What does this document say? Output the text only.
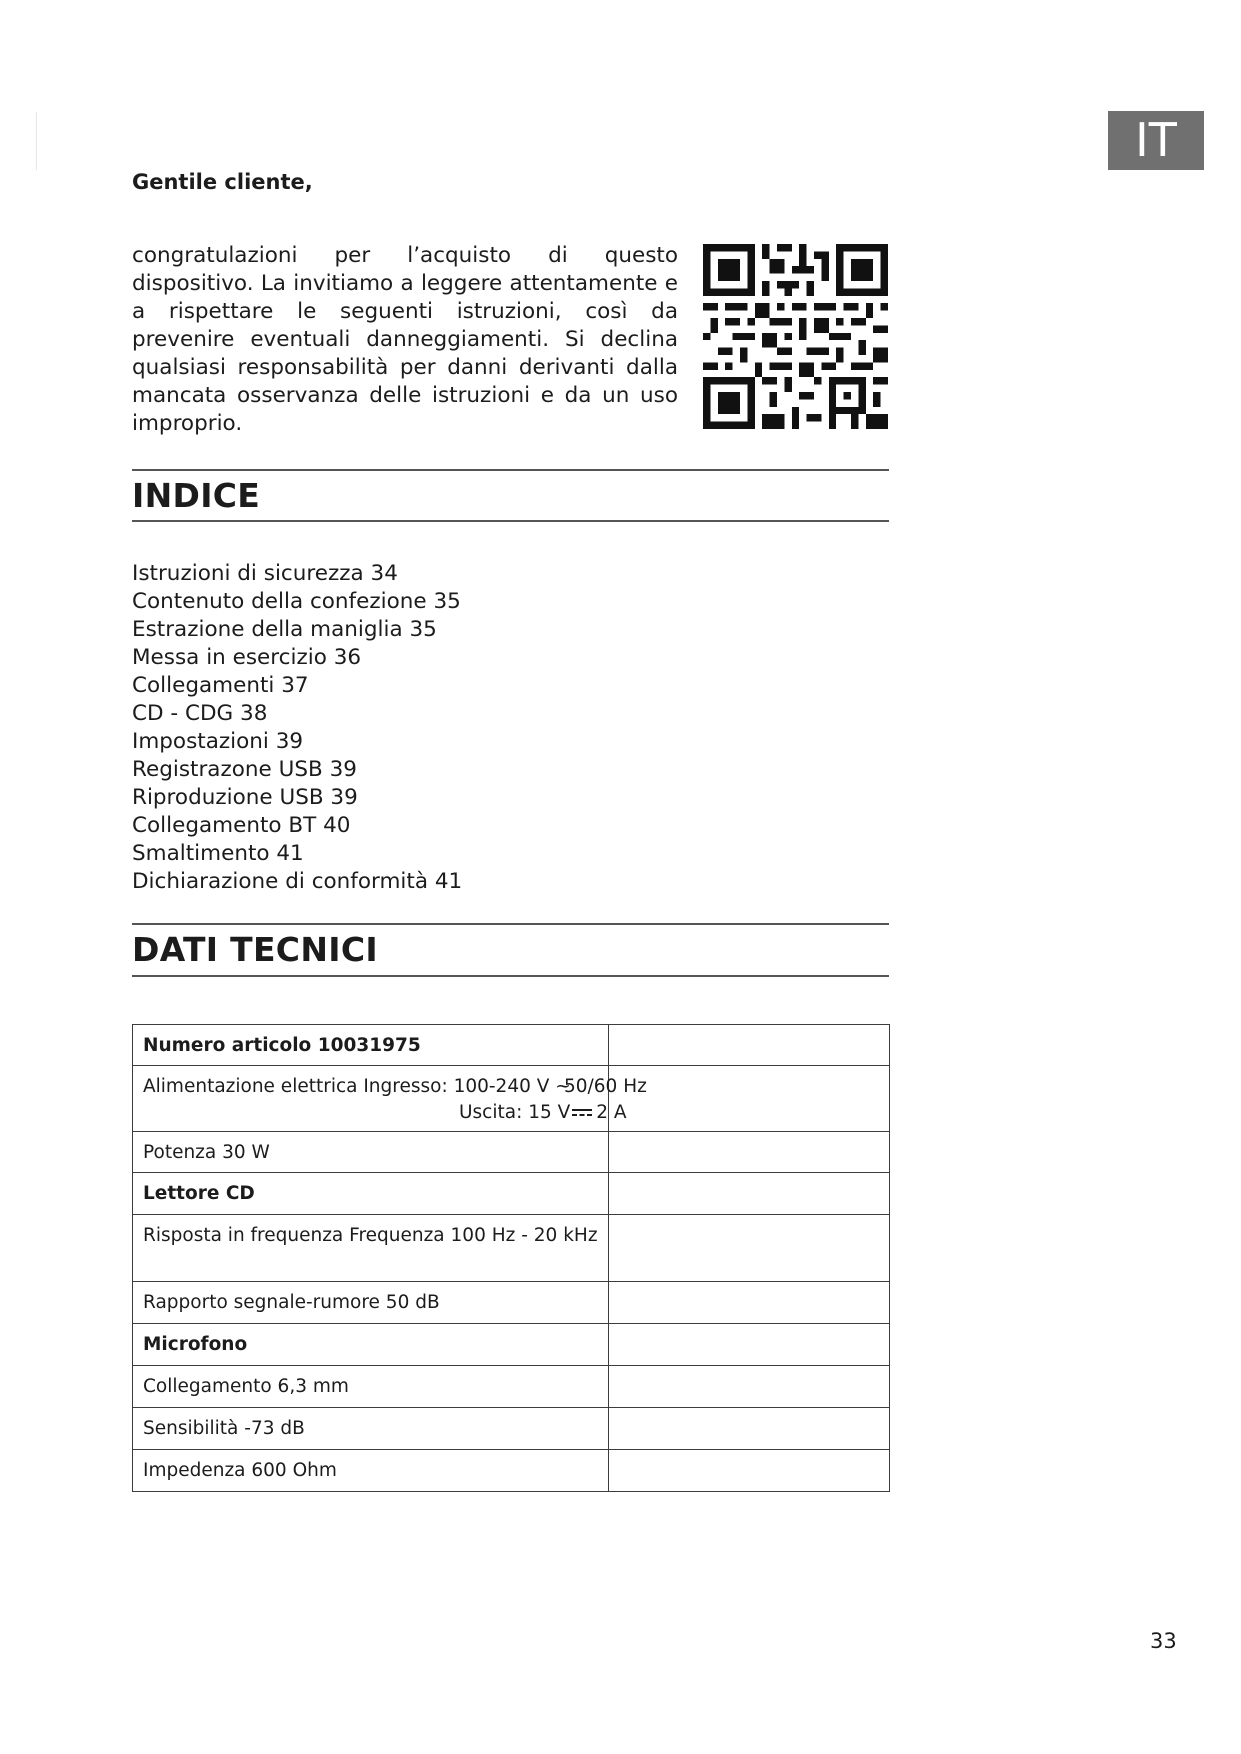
IT

Gentile cliente,

congratulazioni per l’acquisto di questo dispositivo. La invitiamo a leggere attentamente e a rispettare le seguenti istruzioni, così da prevenire eventuali danneggiamenti. Si declina qualsiasi responsabilità per danni derivanti dalla mancata osservanza delle istruzioni e da un uso improprio.

INDICE
Istruzioni di sicurezza 34
Contenuto della confezione 35
Estrazione della maniglia 35
Messa in esercizio 36
Collegamenti 37
CD - CDG 38
Impostazioni 39
Registrazone USB 39
Riproduzione USB 39
Collegamento BT 40
Smaltimento 41
Dichiarazione di conformità 41
DATI TECNICI
Numero articolo 10031975	

Alimentazione elettrica Ingresso: 100-240 V ~
50/60 Hz
Uscita: 15 V 2 A	

Potenza 30 W	

Lettore CD	

Risposta in frequenza Frequenza 100 Hz - 20 kHz	

Rapporto segnale-rumore 50 dB	

Microfono	

Collegamento 6,3 mm	

Sensibilità -73 dB	

Impedenza 600 Ohm	

33
